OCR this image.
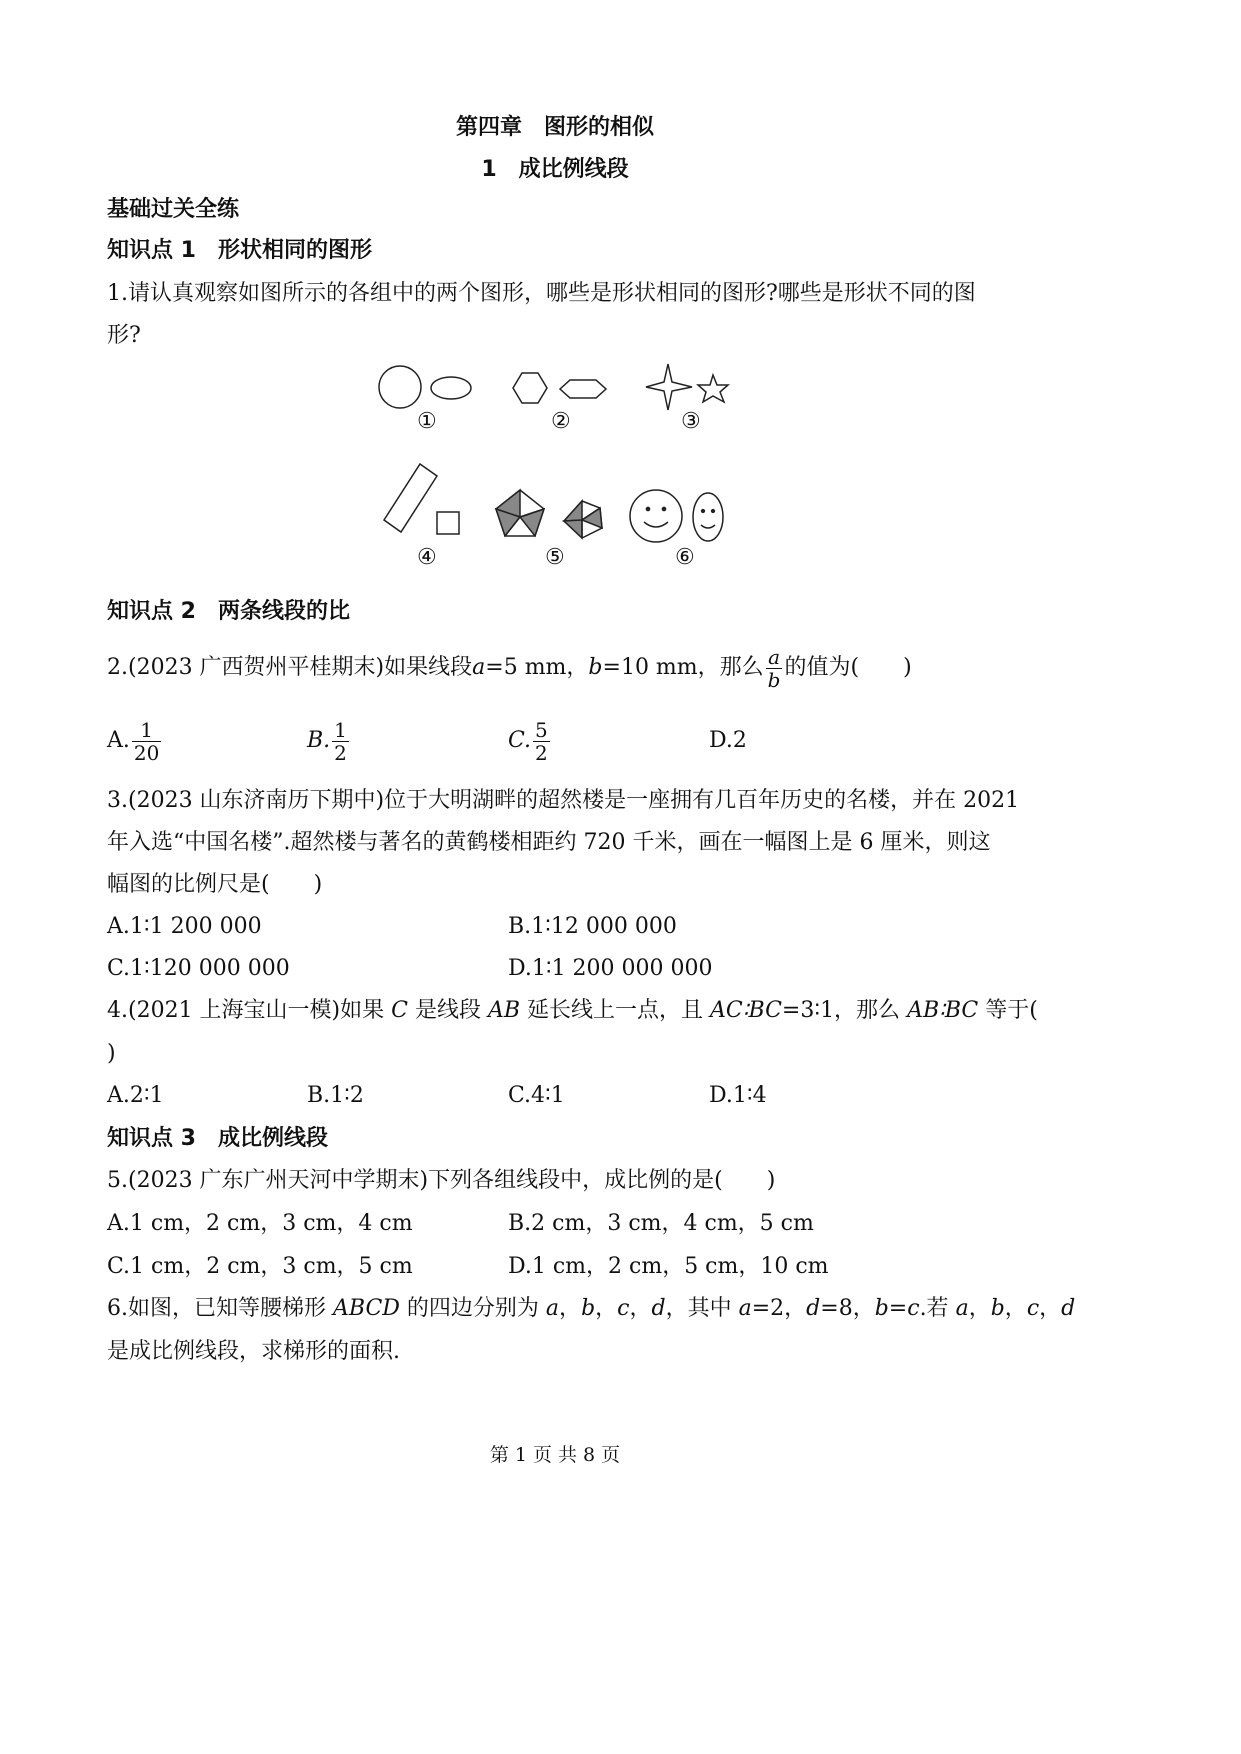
第四章　图形的相似
1　成比例线段
基础过关全练
知识点 1　形状相同的图形
1.请认真观察如图所示的各组中的两个图形，哪些是形状相同的图形?哪些是形状不同的图
形?
①	②	③
④	⑤	⑥
知识点 2　两条线段的比
2.(2023 广西贺州平桂期末)如果线段 a =5 mm， b =10 mm，那么 $\frac{a}{b}$ 的值为(　　)
A. $\frac{1}{20}$	B. $\frac{1}{2}$	C. $\frac{5}{2}$	D.2
3.(2023 山东济南历下期中)位于大明湖畔的超然楼是一座拥有几百年历史的名楼，并在 2021
年入选“中国名楼”.超然楼与著名的黄鹤楼相距约 720 千米，画在一幅图上是 6 厘米，则这
幅图的比例尺是(　　)
A.1∶1 200 000	B.1∶12 000 000
C.1∶120 000 000	D.1∶1 200 000 000
4.(2021 上海宝山一模)如果 C 是线段 AB 延长线上一点，且 AC∶BC=3∶1，那么 AB∶BC 等于(
)
A.2∶1	B.1∶2	C.4∶1	D.1∶4
知识点 3　成比例线段
5.(2023 广东广州天河中学期末)下列各组线段中，成比例的是(　　)
A.1 cm，2 cm，3 cm，4 cm	B.2 cm，3 cm，4 cm，5 cm
C.1 cm，2 cm，3 cm，5 cm	D.1 cm，2 cm，5 cm，10 cm
6.如图，已知等腰梯形 ABCD 的四边分别为 a，b，c，d，其中 a=2，d=8，b=c.若 a，b，c，d
是成比例线段，求梯形的面积.
第 1 页 共 8 页
